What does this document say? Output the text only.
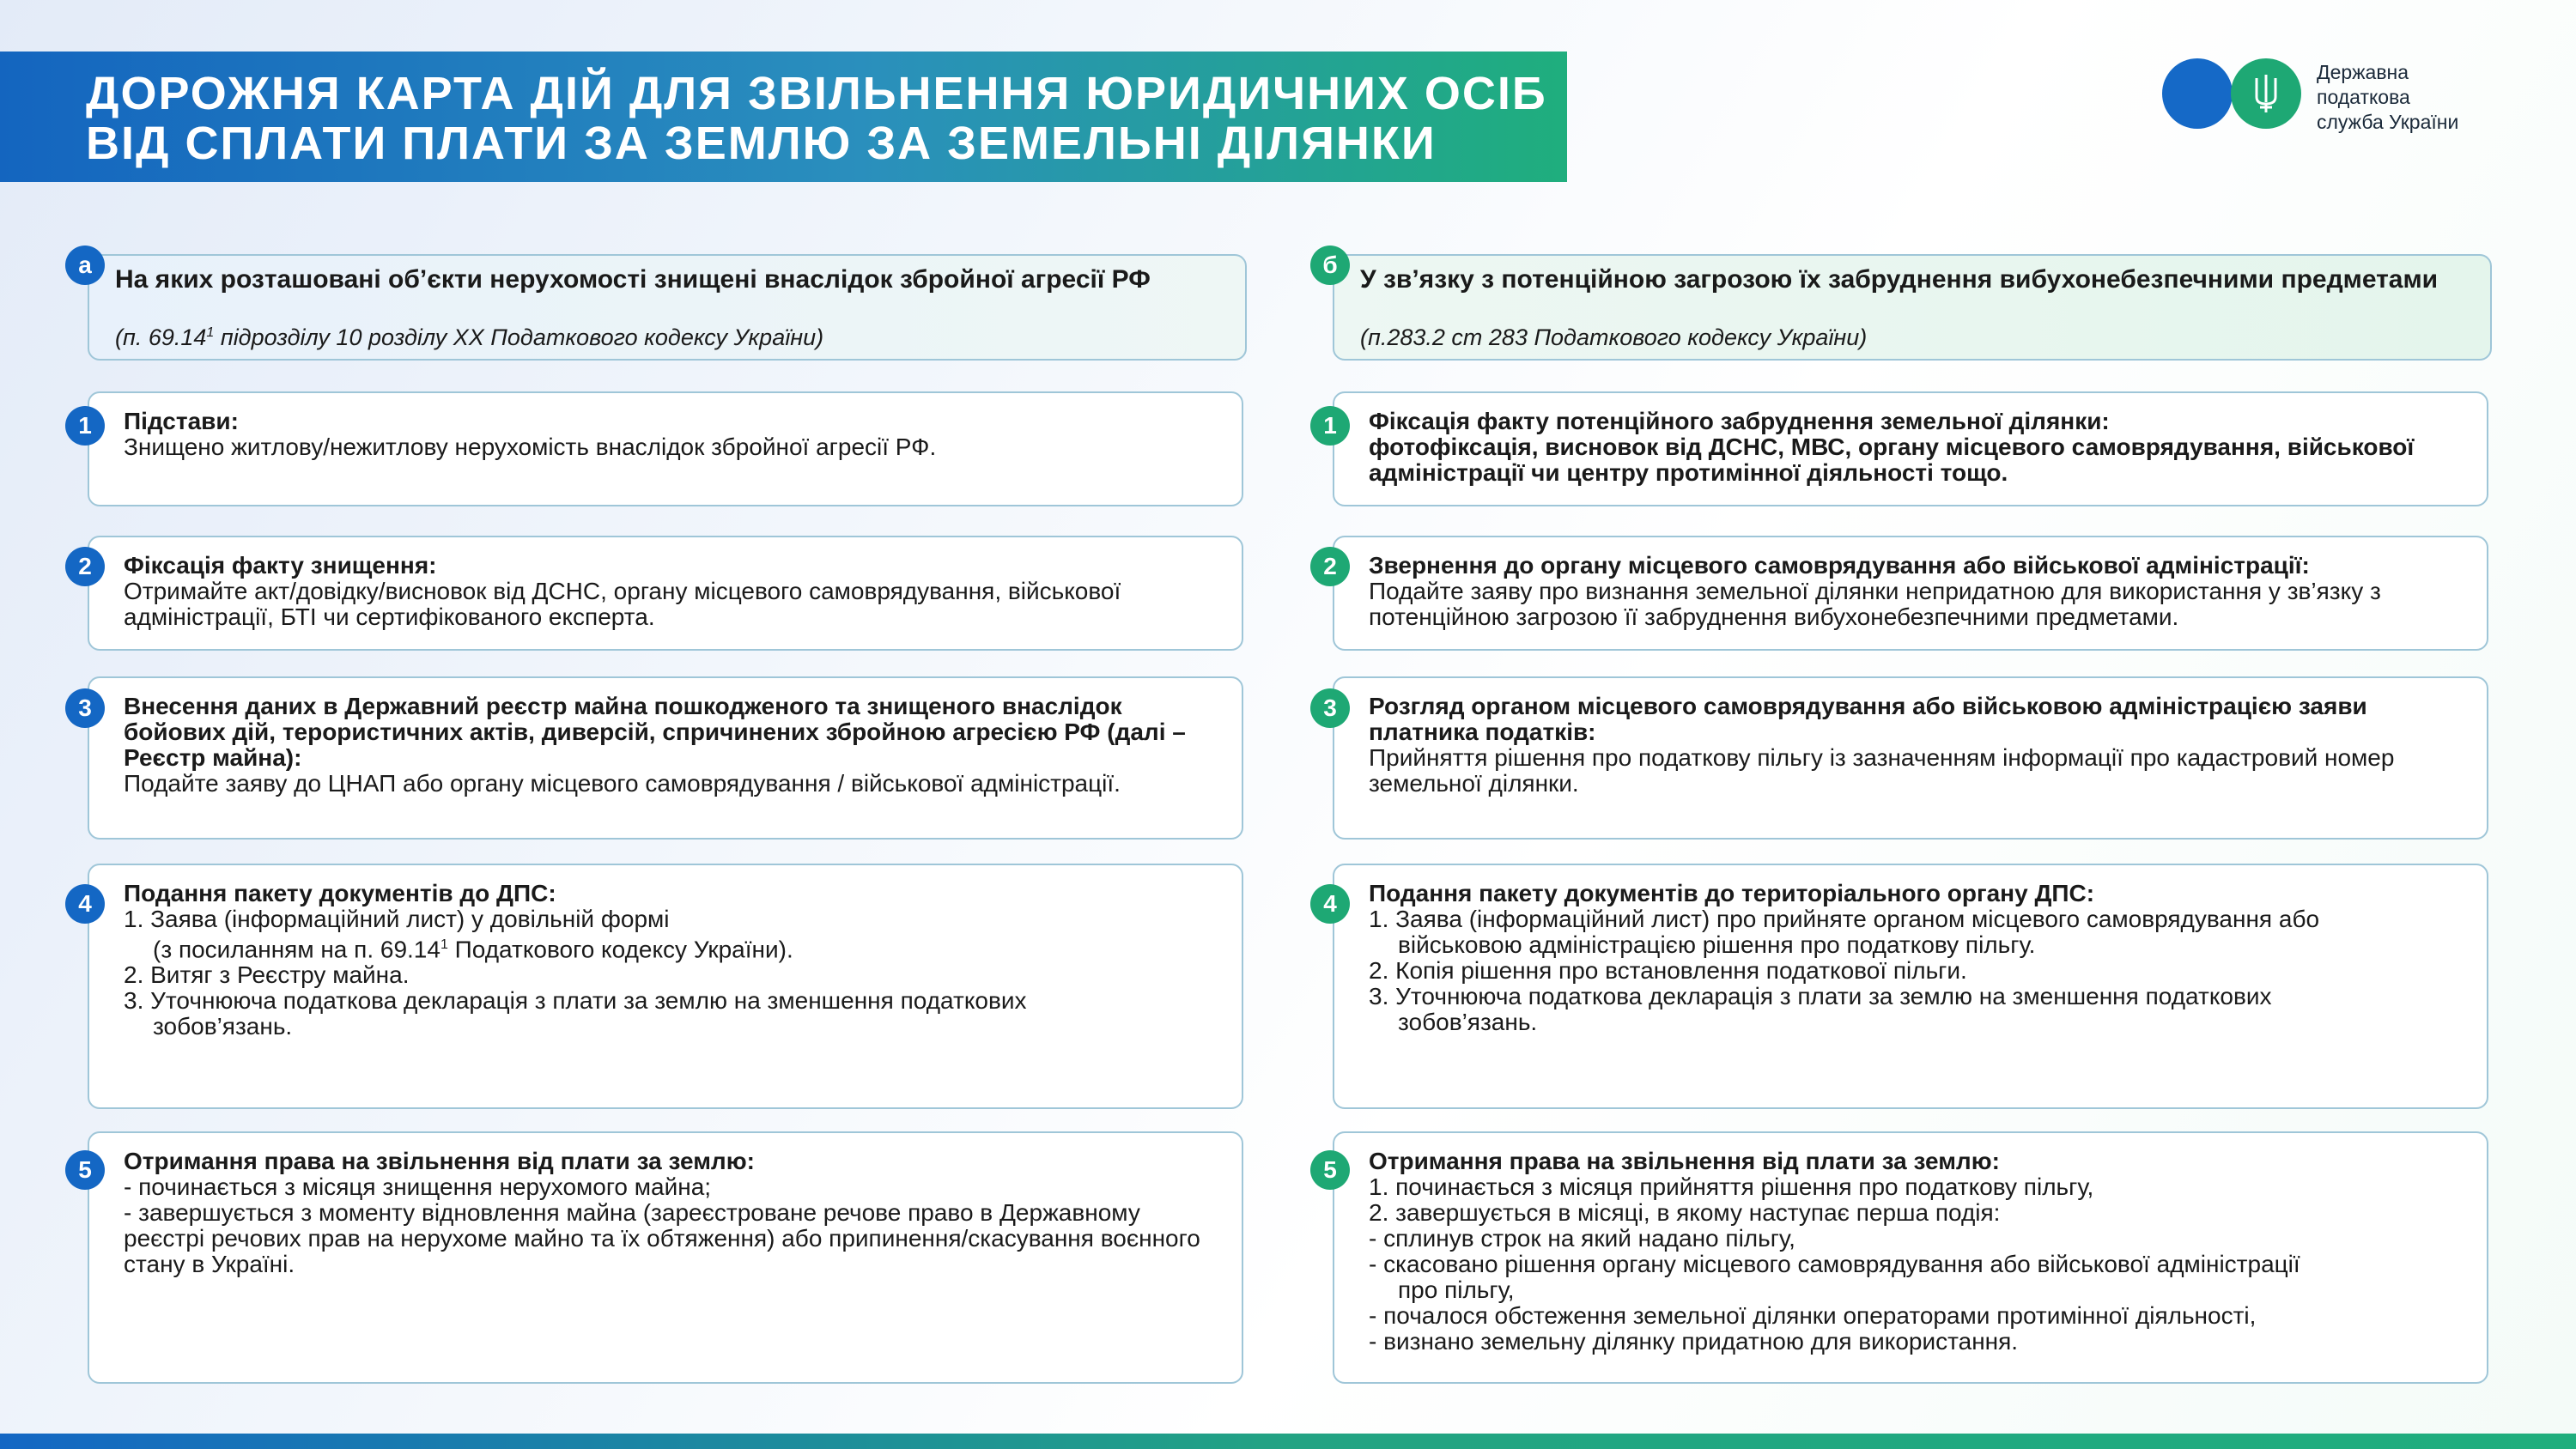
ДОРОЖНЯ КАРТА ДІЙ ДЛЯ ЗВІЛЬНЕННЯ ЮРИДИЧНИХ ОСІБ
ВІД СПЛАТИ ПЛАТИ ЗА ЗЕМЛЮ ЗА ЗЕМЕЛЬНІ ДІЛЯНКИ
Державна
податкова
служба України
На яких розташовані об’єкти нерухомості знищені внаслідок збройної агресії РФ
(п. 69.14$^1$ підрозділу 10 розділу ХХ Податкового кодексу України)
а
У зв’язку з потенційною загрозою їх забруднення вибухонебезпечними предметами
(п.283.2 ст 283 Податкового кодексу України)
б
Підстави:
Знищено житлову/нежитлову нерухомість внаслідок збройної агресії РФ.
1
Фіксація факту знищення:
Отримайте акт/довідку/висновок від ДСНС, органу місцевого самоврядування, військової адміністрації, БТІ чи сертифікованого експерта.
2
Внесення даних в Державний реєстр майна пошкодженого та знищеного внаслідок бойових дій, терористичних актів, диверсій, спричинених збройною агресією РФ (далі – Реєстр майна):
Подайте заяву до ЦНАП або органу місцевого самоврядування / військової адміністрації.
3
Подання пакету документів до ДПС:
1. Заява (інформаційний лист) у довільній формі
(з посиланням на п. 69.14$^1$ Податкового кодексу України).
2. Витяг з Реєстру майна.
3. Уточнююча податкова декларація з плати за землю на зменшення податкових
зобов’язань.
4
Отримання права на звільнення від плати за землю:
- починається з місяця знищення нерухомого майна;
- завершується з моменту відновлення майна (зареєстроване речове право в Державному реєстрі речових прав на нерухоме майно та їх обтяження) або припинення/скасування воєнного стану в Україні.
5
Фіксація факту потенційного забруднення земельної ділянки:
фотофіксація, висновок від ДСНС, МВС, органу місцевого самоврядування, військової адміністрації чи центру протимінної діяльності тощо.
1
Звернення до органу місцевого самоврядування або військової адміністрації:
Подайте заяву про визнання земельної ділянки непридатною для використання у зв’язку з потенційною загрозою її забруднення вибухонебезпечними предметами.
2
Розгляд органом місцевого самоврядування або військовою адміністрацією заяви платника податків:
Прийняття рішення про податкову пільгу із зазначенням інформації про кадастровий номер земельної ділянки.
3
Подання пакету документів до територіального органу ДПС:
1. Заява (інформаційний лист) про прийняте органом місцевого самоврядування або
військовою адміністрацією рішення про податкову пільгу.
2. Копія рішення про встановлення податкової пільги.
3. Уточнююча податкова декларація з плати за землю на зменшення податкових
зобов’язань.
4
Отримання права на звільнення від плати за землю:
1. починається з місяця прийняття рішення про податкову пільгу,
2. завершується в місяці, в якому наступає перша подія:
- сплинув строк на який надано пільгу,
- скасовано рішення органу місцевого самоврядування або військової адміністрації
про пільгу,
- почалося обстеження земельної ділянки операторами протимінної діяльності,
- визнано земельну ділянку придатною для використання.
5
